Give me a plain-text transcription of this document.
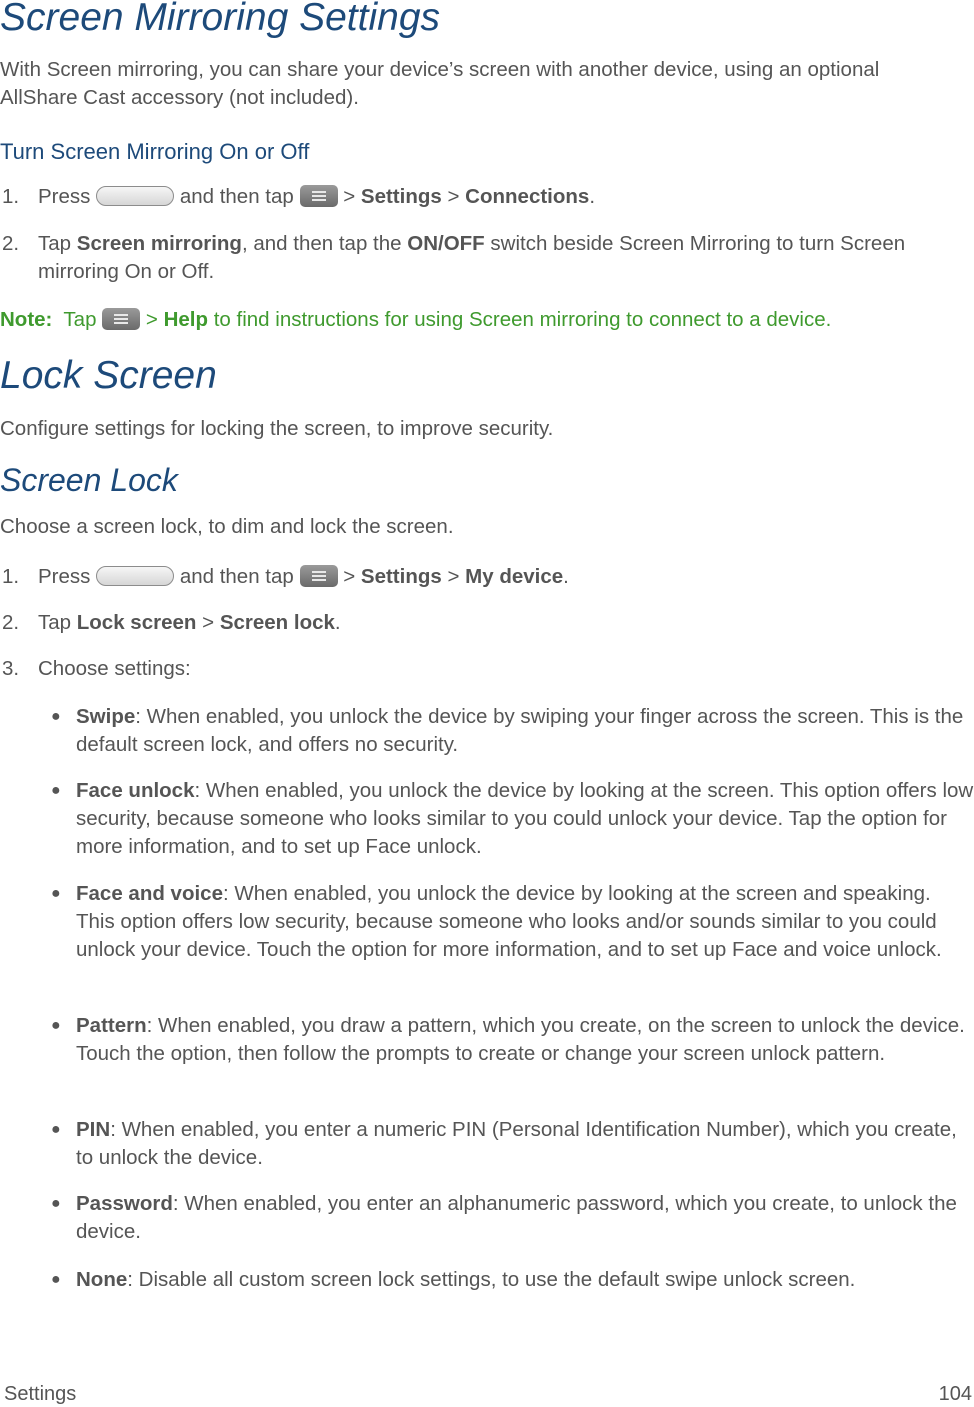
Screen Mirroring Settings
With Screen mirroring, you can share your device’s screen with another device, using an optional AllShare Cast accessory (not included).
Turn Screen Mirroring On or Off
1. Press	and then tap > Settings > Connections.
2. Tap Screen mirroring, and then tap the ON/OFF switch beside Screen Mirroring to turn Screen mirroring On or Off.
Note: Tap > Help to find instructions for using Screen mirroring to connect to a device.
Lock Screen
Configure settings for locking the screen, to improve security.
Screen Lock
Choose a screen lock, to dim and lock the screen.
1. Press	and then tap > Settings > My device.
2. Tap Lock screen > Screen lock.
3. Choose settings:
● Swipe: When enabled, you unlock the device by swiping your finger across the screen. This is the default screen lock, and offers no security.
● Face unlock: When enabled, you unlock the device by looking at the screen. This option offers low security, because someone who looks similar to you could unlock your device. Tap the option for more information, and to set up Face unlock.
● Face and voice: When enabled, you unlock the device by looking at the screen and speaking. This option offers low security, because someone who looks and/or sounds similar to you could unlock your device. Touch the option for more information, and to set up Face and voice unlock.
● Pattern: When enabled, you draw a pattern, which you create, on the screen to unlock the device. Touch the option, then follow the prompts to create or change your screen unlock pattern.
● PIN: When enabled, you enter a numeric PIN (Personal Identification Number), which you create, to unlock the device.
● Password: When enabled, you enter an alphanumeric password, which you create, to unlock the device.
● None: Disable all custom screen lock settings, to use the default swipe unlock screen.
Settings	104
